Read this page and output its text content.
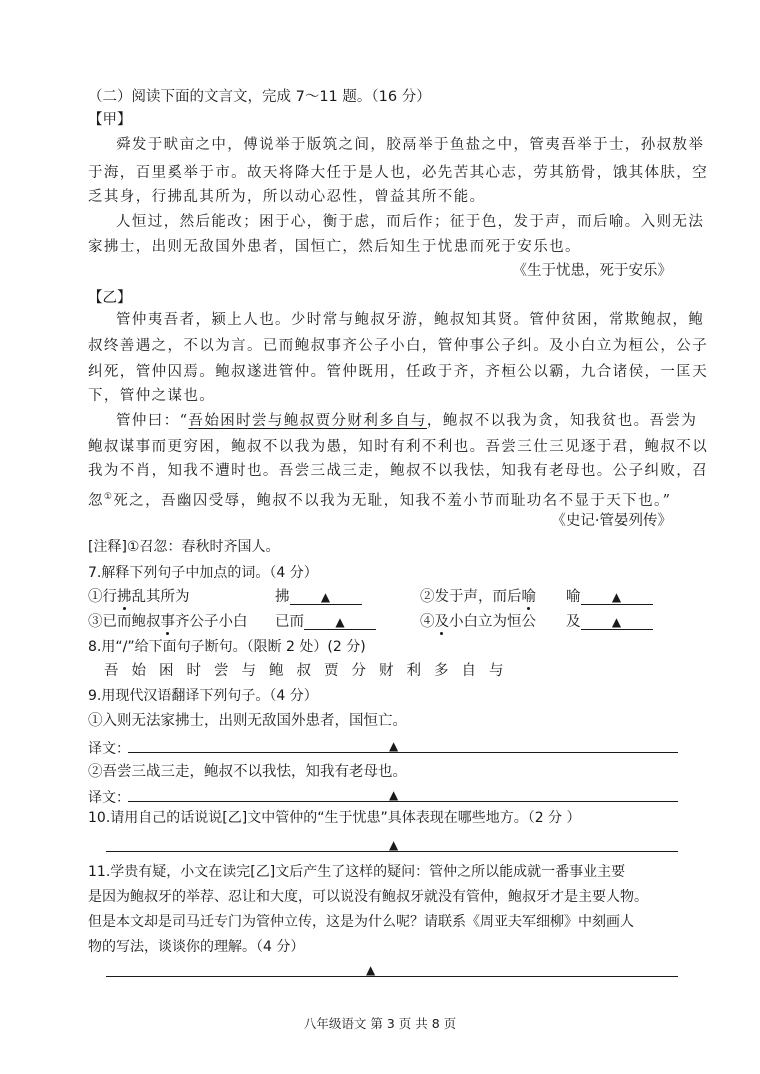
（二）阅读下面的文言文，完成 7～11 题。（16 分）
【甲】
舜发于畎亩之中，傅说举于版筑之间，胶鬲举于鱼盐之中，管夷吾举于士，孙叔敖举
于海，百里奚举于市。故天将降大任于是人也，必先苦其心志，劳其筋骨，饿其体肤，空
乏其身，行拂乱其所为，所以动心忍性，曾益其所不能。
人恒过，然后能改；困于心，衡于虑，而后作；征于色，发于声，而后喻。入则无法
家拂士，出则无敌国外患者，国恒亡，然后知生于忧患而死于安乐也。
《生于忧患，死于安乐》
【乙】
管仲夷吾者，颍上人也。少时常与鲍叔牙游，鲍叔知其贤。管仲贫困，常欺鲍叔，鲍
叔终善遇之，不以为言。已而鲍叔事齐公子小白，管仲事公子纠。及小白立为桓公，公子
纠死，管仲囚焉。鲍叔遂进管仲。管仲既用，任政于齐，齐桓公以霸，九合诸侯，一匡天
下，管仲之谋也。
管仲曰：“吾始困时尝与鲍叔贾分财利多自与，鲍叔不以我为贪，知我贫也。吾尝为
鲍叔谋事而更穷困，鲍叔不以我为愚，知时有利不利也。吾尝三仕三见逐于君，鲍叔不以
我为不肖，知我不遭时也。吾尝三战三走，鲍叔不以我怯，知我有老母也。公子纠败，召
忽①死之，吾幽囚受辱，鲍叔不以我为无耻，知我不羞小节而耻功名不显于天下也。”
《史记·管晏列传》
[注释]①召忽：春秋时齐国人。
7.解释下列句子中加点的词。（4 分）
①行拂乱其所为	拂	▲	②发于声，而后喻 喻	▲
③已而鲍叔事齐公子小白 已而	▲	④及小白立为恒公 及	▲
8.用“/”给下面句子断句。（限断 2 处）(2 分)
吾始困时尝与鲍叔贾分财利多自与
9.用现代汉语翻译下列句子。（4 分）
①入则无法家拂士，出则无敌国外患者，国恒亡。
译文：	▲
②吾尝三战三走，鲍叔不以我怯，知我有老母也。
译文：	▲
10.请用自己的话说说[乙]文中管仲的“生于忧患”具体表现在哪些地方。（2 分 ）
▲
11.学贵有疑，小文在读完[乙]文后产生了这样的疑问：管仲之所以能成就一番事业主要
是因为鲍叔牙的举荐、忍让和大度，可以说没有鲍叔牙就没有管仲，鲍叔牙才是主要人物。
但是本文却是司马迁专门为管仲立传，这是为什么呢？请联系《周亚夫军细柳》中刻画人
物的写法，谈谈你的理解。（4 分）
▲
八年级语文 第 3 页 共 8 页
